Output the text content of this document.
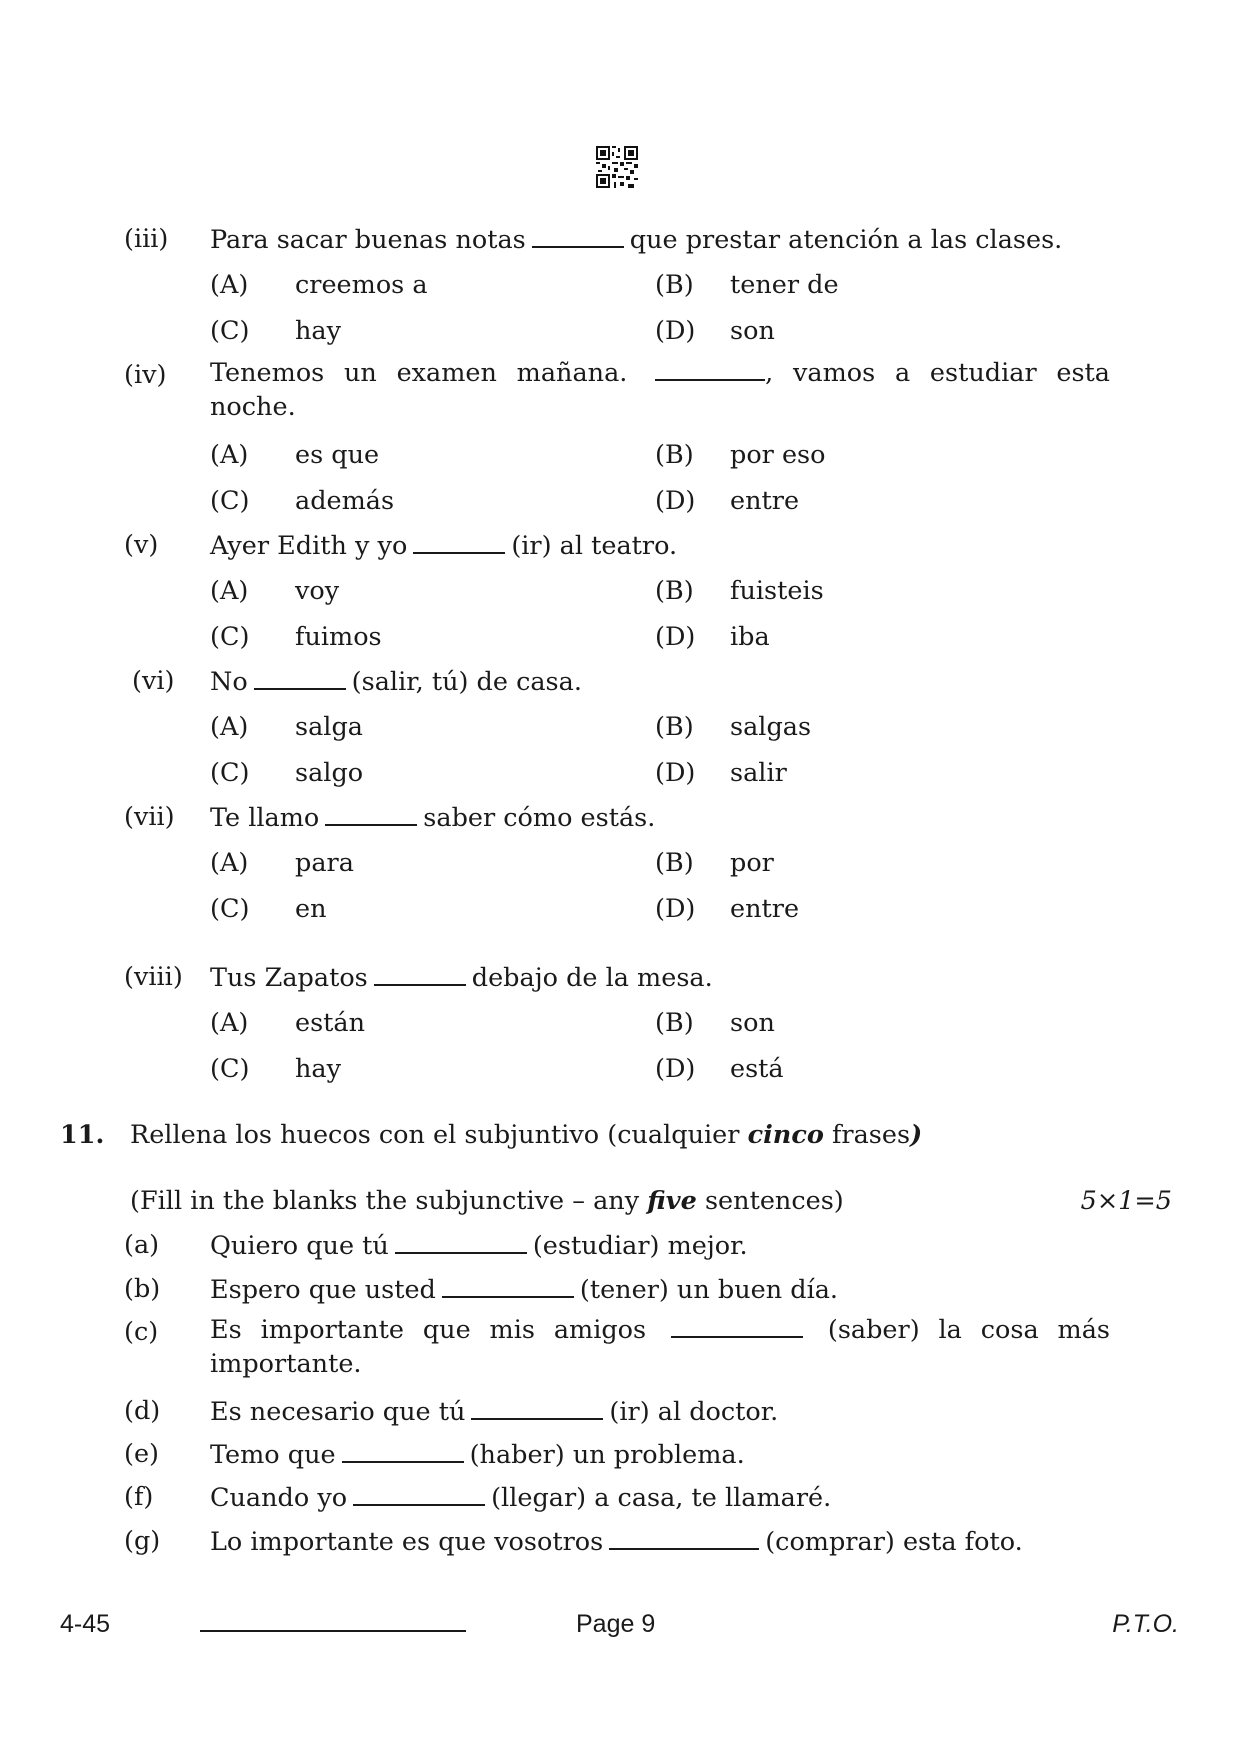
(iii) Para sacar buenas notas	que prestar atención a las clases.
(A) creemos a	(B) tener de
(C) hay	(D) son
(iv) Tenemos un examen mañana.	, vamos a estudiar esta noche.
(A) es que	(B) por eso
(C) además	(D) entre
(v) Ayer Edith y yo	(ir) al teatro.
(A) voy	(B) fuisteis
(C) fuimos	(D) iba
(vi) No	(salir, tú) de casa.
(A) salga	(B) salgas
(C) salgo	(D) salir
(vii) Te llamo	saber cómo estás.
(A) para	(B) por
(C) en	(D) entre
(viii) Tus Zapatos	debajo de la mesa.
(A) están	(B) son
(C) hay	(D) está
11. Rellena los huecos con el subjuntivo (cualquier cinco frases)
(Fill in the blanks the subjunctive – any five sentences)	5×1=5
(a) Quiero que tú	(estudiar) mejor.
(b) Espero que usted	(tener) un buen día.
(c) Es importante que mis amigos	(saber) la cosa más importante.
(d) Es necesario que tú	(ir) al doctor.
(e) Temo que	(haber) un problema.
(f) Cuando yo	(llegar) a casa, te llamaré.
(g) Lo importante es que vosotros	(comprar) esta foto.
4-45	Page 9	P.T.O.
